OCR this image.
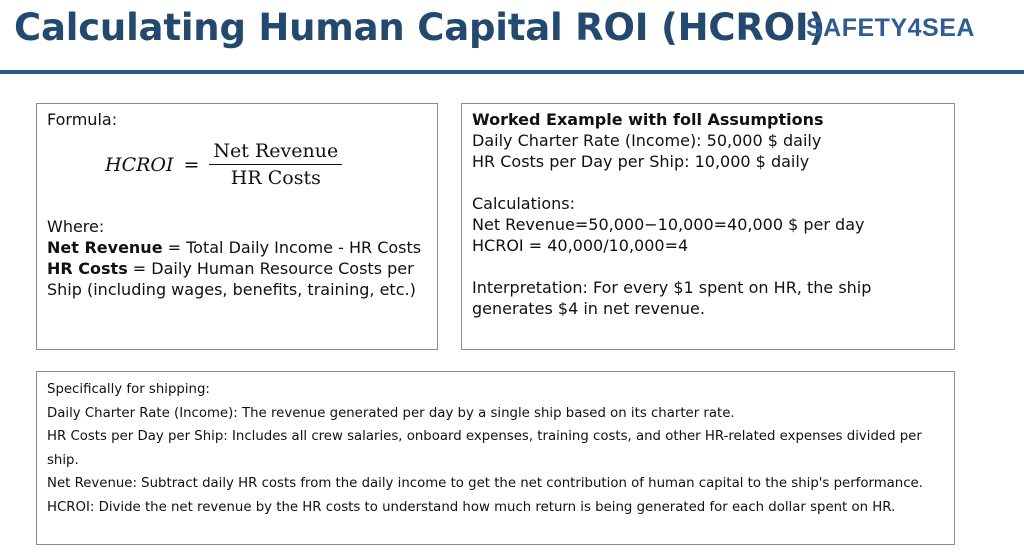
Calculating Human Capital ROI (HCROI)
SAFETY4SEA
Formula:
HCROI = $\frac{\text{Net Revenue}}{\text{HR Costs}}$
Where:
Net Revenue = Total Daily Income - HR Costs
HR Costs = Daily Human Resource Costs per Ship (including wages, benefits, training, etc.)
Worked Example with foll Assumptions
Daily Charter Rate (Income): 50,000 $ daily
HR Costs per Day per Ship: 10,000 $ daily
Calculations:
Net Revenue=50,000−10,000=40,000 $ per day
HCROI = 40,000/10,000=4
Interpretation: For every $1 spent on HR, the ship generates $4 in net revenue.
Specifically for shipping:
Daily Charter Rate (Income): The revenue generated per day by a single ship based on its charter rate.
HR Costs per Day per Ship: Includes all crew salaries, onboard expenses, training costs, and other HR-related expenses divided per ship.
Net Revenue: Subtract daily HR costs from the daily income to get the net contribution of human capital to the ship's performance.
HCROI: Divide the net revenue by the HR costs to understand how much return is being generated for each dollar spent on HR.
